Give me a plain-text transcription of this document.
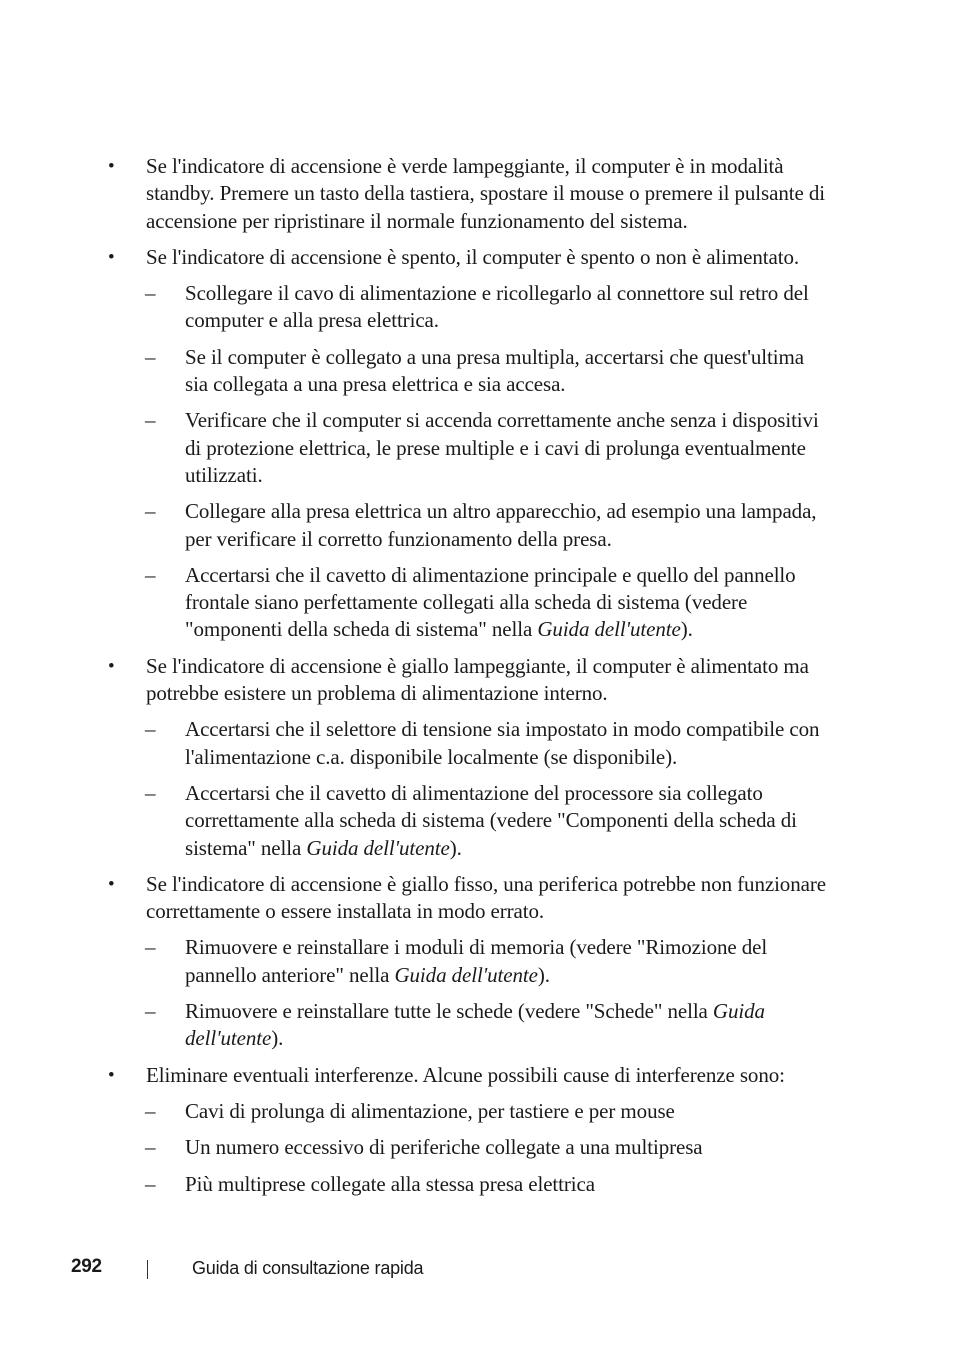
• Se l'indicatore di accensione è verde lampeggiante, il computer è in modalità standby. Premere un tasto della tastiera, spostare il mouse o premere il pulsante di accensione per ripristinare il normale funzionamento del sistema.
• Se l'indicatore di accensione è spento, il computer è spento o non è alimentato.
– Scollegare il cavo di alimentazione e ricollegarlo al connettore sul retro del computer e alla presa elettrica.
– Se il computer è collegato a una presa multipla, accertarsi che quest'ultima sia collegata a una presa elettrica e sia accesa.
– Verificare che il computer si accenda correttamente anche senza i dispositivi di protezione elettrica, le prese multiple e i cavi di prolunga eventualmente utilizzati.
– Collegare alla presa elettrica un altro apparecchio, ad esempio una lampada, per verificare il corretto funzionamento della presa.
– Accertarsi che il cavetto di alimentazione principale e quello del pannello frontale siano perfettamente collegati alla scheda di sistema (vedere "omponenti della scheda di sistema" nella Guida dell'utente).
• Se l'indicatore di accensione è giallo lampeggiante, il computer è alimentato ma potrebbe esistere un problema di alimentazione interno.
– Accertarsi che il selettore di tensione sia impostato in modo compatibile con l'alimentazione c.a. disponibile localmente (se disponibile).
– Accertarsi che il cavetto di alimentazione del processore sia collegato correttamente alla scheda di sistema (vedere "Componenti della scheda di sistema" nella Guida dell'utente).
• Se l'indicatore di accensione è giallo fisso, una periferica potrebbe non funzionare correttamente o essere installata in modo errato.
– Rimuovere e reinstallare i moduli di memoria (vedere "Rimozione del pannello anteriore" nella Guida dell'utente).
– Rimuovere e reinstallare tutte le schede (vedere "Schede" nella Guida dell'utente).
• Eliminare eventuali interferenze. Alcune possibili cause di interferenze sono:
– Cavi di prolunga di alimentazione, per tastiere e per mouse
– Un numero eccessivo di periferiche collegate a una multipresa
– Più multiprese collegate alla stessa presa elettrica
292	Guida di consultazione rapida
